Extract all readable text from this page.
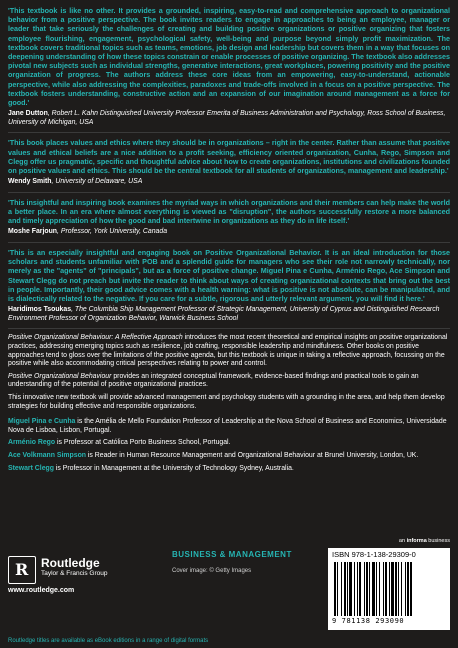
'This textbook is like no other. It provides a grounded, inspiring, easy-to-read and comprehensive approach to organizational behavior from a positive perspective. The book invites readers to engage in approaches to being an employee, manager or leader that take seriously the challenges of creating and building positive organizations or positive organizing that fosters employee flourishing, engagement, psychological safety, well-being and purpose beyond simply profit maximization. The textbook covers traditional topics such as teams, emotions, job design and leadership but covers them in a way that focuses on deepening understanding of how these topics constrain or enable processes of positive organizing. The textbook also addresses pivotal new subjects such as individual strengths, generative interactions, great workplaces, powering positivity and the positive organization of progress. The authors address these core ideas from an empowering, easy-to-understand, actionable perspective, while also addressing the complexities, paradoxes and trade-offs involved in a focus on a positive perspective. The textbook fosters understanding, constructive action and an expansion of our imagination around management as a force for good.'

Jane Dutton, Robert L. Kahn Distinguished University Professor Emerita of Business Administration and Psychology, Ross School of Business, University of Michigan, USA

'This book places values and ethics where they should be in organizations – right in the center. Rather than assume that positive values and ethical beliefs are a nice addition to a profit seeking, efficiency oriented organization, Cunha, Rego, Simpson and Clegg offer us pragmatic, specific and thoughtful advice about how to create organizations, institutions and civilizations founded on positive values and ethics. This should be the central textbook for all students of organizations, management and leadership.'

Wendy Smith, University of Delaware, USA

'This insightful and inspiring book examines the myriad ways in which organizations and their members can help make the world a better place. In an era where almost everything is viewed as "disruption", the authors successfully restore a more balanced and timely appreciation of how the good and bad intertwine in organizations as they do in life itself.'

Moshe Farjoun, Professor, York University, Canada

'This is an especially insightful and engaging book on Positive Organizational Behavior. It is an ideal introduction for those scholars and students unfamiliar with POB and a splendid guide for managers who see their role not narrowly technically, nor merely as the "agents" of "principals", but as a force of positive change. Miguel Pina e Cunha, Arménio Rego, Ace Simpson and Stewart Clegg do not preach but invite the reader to think about ways of creating organizational contexts that bring out the best in people. Importantly, their good advice comes with a health warning: what is positive is not absolute, can be manipulated, and is dialectically related to the negative. If you care for a subtle, rigorous and utterly relevant argument, you will find it here.'

Haridimos Tsoukas, The Columbia Ship Management Professor of Strategic Management, University of Cyprus and Distinguished Research Environment Professor of Organization Behavior, Warwick Business School

Positive Organizational Behaviour: A Reflective Approach introduces the most recent theoretical and empirical insights on positive organizational practices, addressing emerging topics such as resilience, job crafting, responsible leadership and mindfulness. Other books on positive approaches tend to gloss over the limitations of the positive agenda, but this textbook is unique in taking a reflective approach, focussing on the positive while also accommodating critical perspectives relating to power and control.

Positive Organizational Behaviour provides an integrated conceptual framework, evidence-based findings and practical tools to gain an understanding of the potential of positive organizational practices.

This innovative new textbook will provide advanced management and psychology students with a grounding in the area, and help them develop strategies for building effective and responsible organizations.

Miguel Pina e Cunha is the Amélia de Mello Foundation Professor of Leadership at the Nova School of Business and Economics, Universidade Nova de Lisboa, Lisbon, Portugal.

Arménio Rego is Professor at Católica Porto Business School, Portugal.

Ace Volkmann Simpson is Reader in Human Resource Management and Organizational Behaviour at Brunel University, London, UK.

Stewart Clegg is Professor in Management at the University of Technology Sydney, Australia.

R Routledge
Taylor & Francis Group
www.routledge.com
BUSINESS & MANAGEMENT
Cover image: © Getty Images
an informa business
ISBN 978-1-138-29309-0
9 781138 293090
Routledge titles are available as eBook editions in a range of digital formats
